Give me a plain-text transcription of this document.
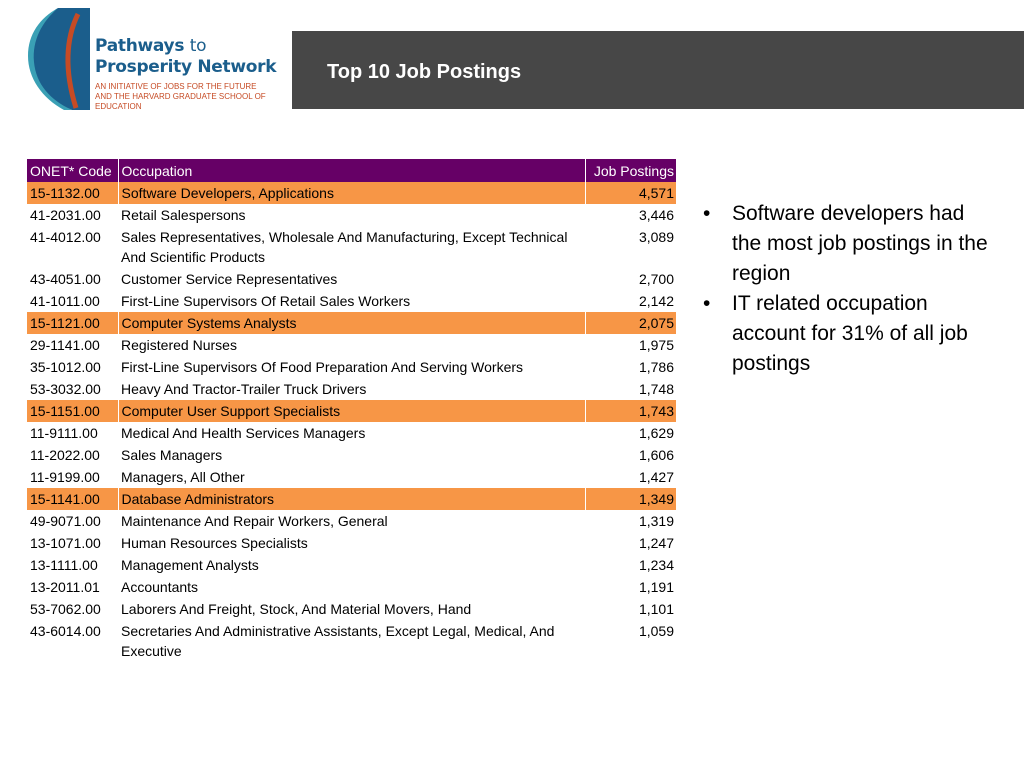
Pathways to
Prosperity Network
AN INITIATIVE OF JOBS FOR THE FUTURE AND THE HARVARD GRADUATE SCHOOL OF EDUCATION
Top 10 Job Postings
ONET* Code	Occupation	Job Postings
15-1132.00	Software Developers, Applications	4,571
41-2031.00	Retail Salespersons	3,446
41-4012.00	Sales Representatives, Wholesale And Manufacturing, Except Technical And Scientific Products	3,089
43-4051.00	Customer Service Representatives	2,700
41-1011.00	First-Line Supervisors Of Retail Sales Workers	2,142
15-1121.00	Computer Systems Analysts	2,075
29-1141.00	Registered Nurses	1,975
35-1012.00	First-Line Supervisors Of Food Preparation And Serving Workers	1,786
53-3032.00	Heavy And Tractor-Trailer Truck Drivers	1,748
15-1151.00	Computer User Support Specialists	1,743
11-9111.00	Medical And Health Services Managers	1,629
11-2022.00	Sales Managers	1,606
11-9199.00	Managers, All Other	1,427
15-1141.00	Database Administrators	1,349
49-9071.00	Maintenance And Repair Workers, General	1,319
13-1071.00	Human Resources Specialists	1,247
13-1111.00	Management Analysts	1,234
13-2011.01	Accountants	1,191
53-7062.00	Laborers And Freight, Stock, And Material Movers, Hand	1,101
43-6014.00	Secretaries And Administrative Assistants, Except Legal, Medical, And Executive	1,059
• Software developers had the most job postings in the region
• IT related occupation account for 31% of all job postings
